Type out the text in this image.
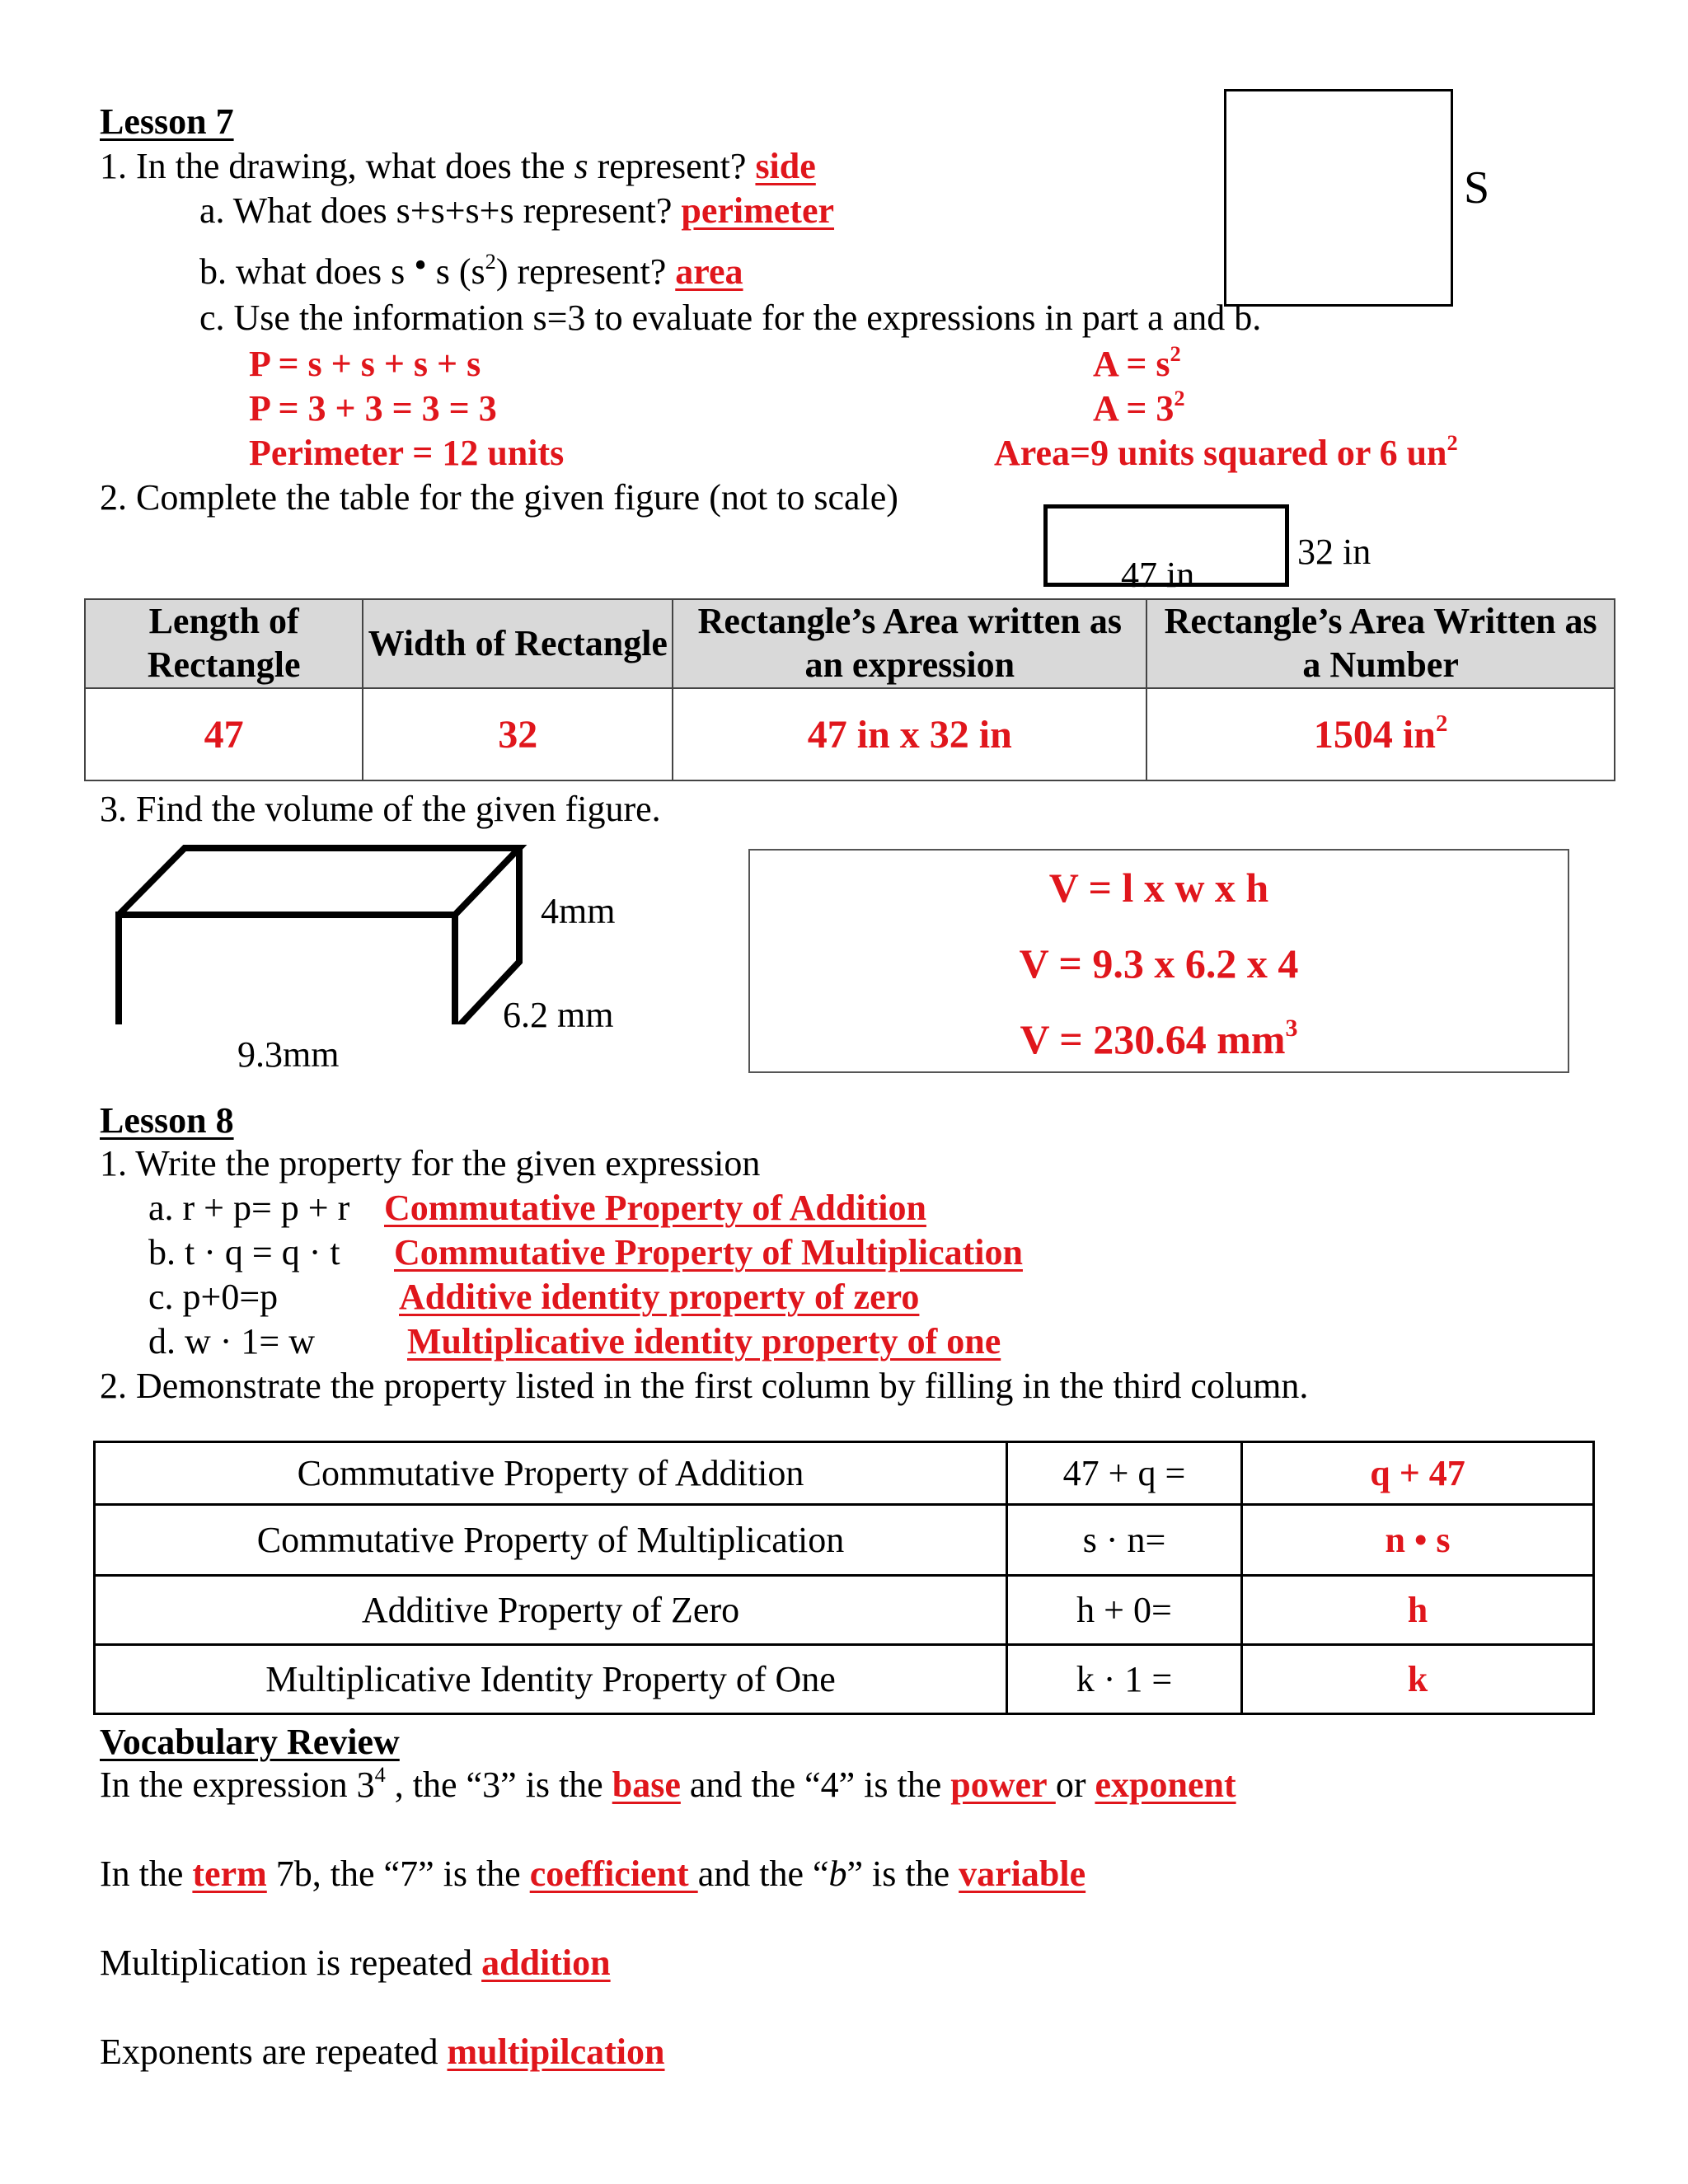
Lesson 7
1. In the drawing, what does the s represent? side
a. What does s+s+s+s represent? perimeter
b. what does s • s $(s^2)$ represent? area
c. Use the information s=3 to evaluate for the expressions in part a and b.
P = s + s + s + s
P = 3 + 3 = 3 = 3
Perimeter = 12 units
$A = s^2$
$A = 3^2$
Area=9 units squared or 6 $un^2$
S
2. Complete the table for the given figure (not to scale)
32 in
47 in
Length of Rectangle	Width of Rectangle	Rectangle’s Area written as an expression	Rectangle’s Area Written as a Number
47	32	47 in x 32 in	1504 $in^2$
3. Find the volume of the given figure.
4mm
6.2 mm
9.3mm
V = l x w x h
V = 9.3 x 6.2 x 4
V = 230.64 $mm^3$
Lesson 8
1. Write the property for the given expression
a. r + p= p + r Commutative Property of Addition
b. t · q = q · t Commutative Property of Multiplication
c. p+0=p	Additive identity property of zero
d. w · 1= w	Multiplicative identity property of one
2. Demonstrate the property listed in the first column by filling in the third column.
Commutative Property of Addition	47 + q =	q + 47
Commutative Property of Multiplication	s · n=	n • s
Additive Property of Zero	h + 0=	h
Multiplicative Identity Property of One	k · 1 =	k
Vocabulary Review
In the expression $3^4$ , the “3” is the base and the “4” is the power or exponent
In the term 7b, the “7” is the coefficient and the “b” is the variable
Multiplication is repeated addition
Exponents are repeated multipilcation
